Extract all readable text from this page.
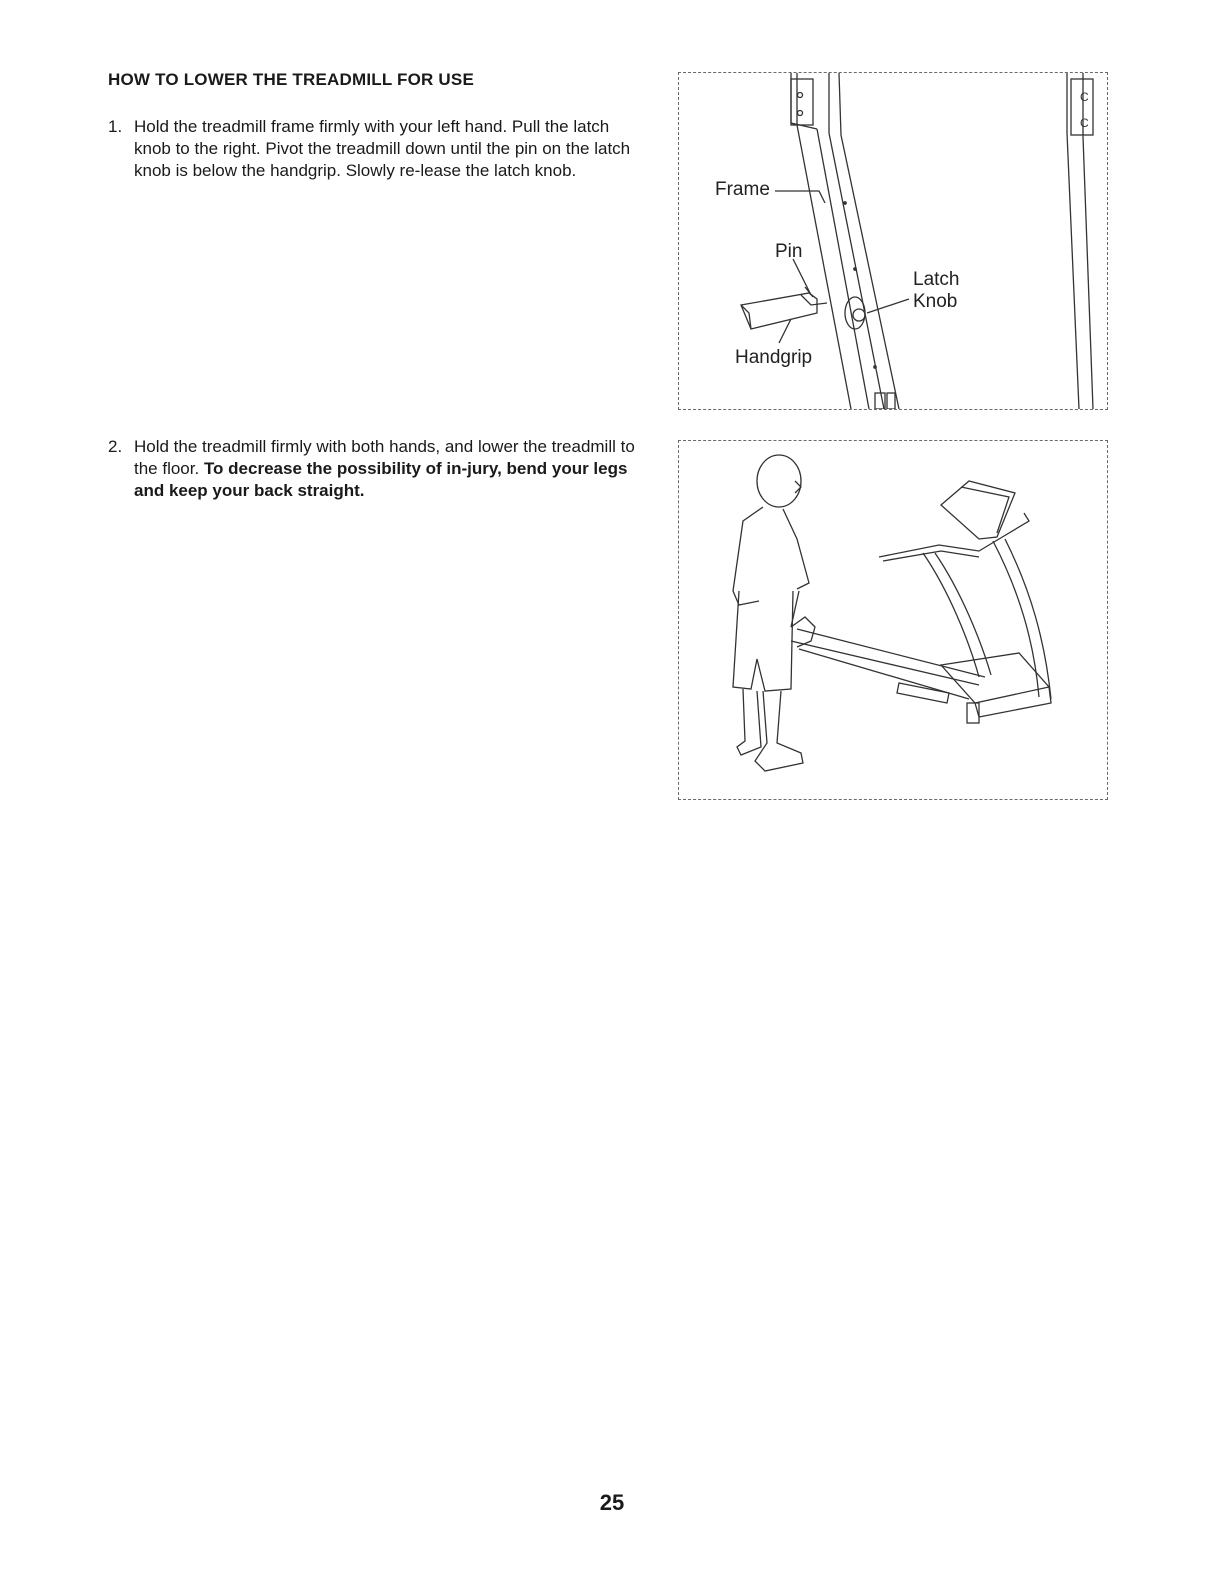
HOW TO LOWER THE TREADMILL FOR USE
1. Hold the treadmill frame firmly with your left hand. Pull the latch knob to the right. Pivot the treadmill down until the pin on the latch knob is below the handgrip. Slowly re-lease the latch knob.
2. Hold the treadmill firmly with both hands, and lower the treadmill to the floor. To decrease the possibility of in-jury, bend your legs and keep your back straight.
C
C
Frame
Pin
Latch
Knob
Handgrip
25
